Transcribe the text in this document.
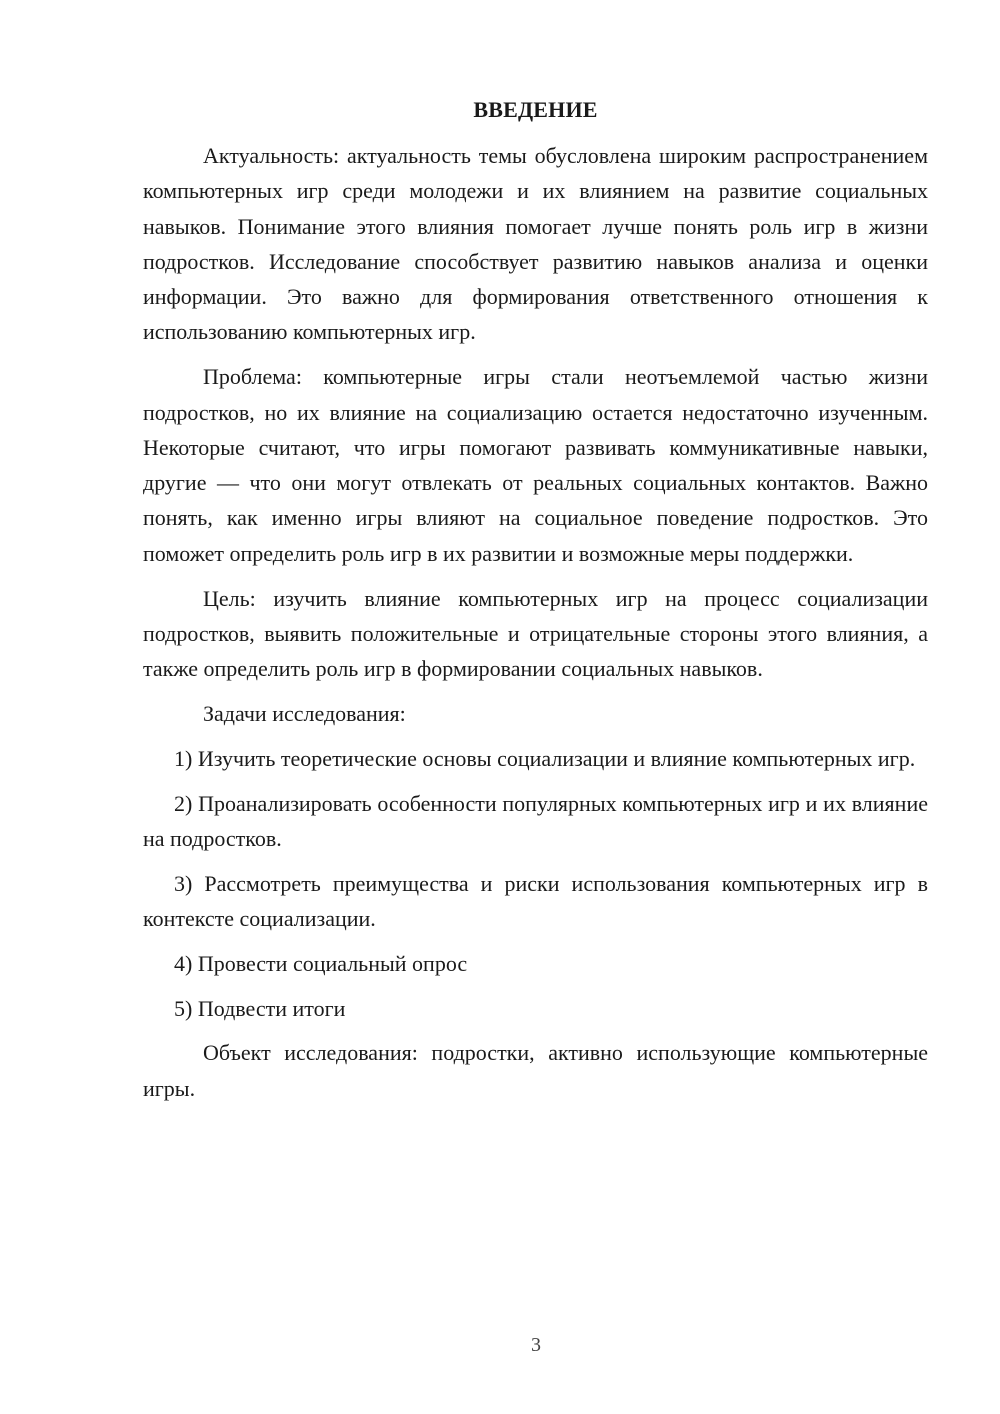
ВВЕДЕНИЕ

Актуальность: актуальность темы обусловлена широким распространением компьютерных игр среди молодежи и их влиянием на развитие социальных навыков. Понимание этого влияния помогает лучше понять роль игр в жизни подростков. Исследование способствует развитию навыков анализа и оценки информации. Это важно для формирования ответственного отношения к использованию компьютерных игр.

Проблема: компьютерные игры стали неотъемлемой частью жизни подростков, но их влияние на социализацию остается недостаточно изученным. Некоторые считают, что игры помогают развивать коммуникативные навыки, другие — что они могут отвлекать от реальных социальных контактов. Важно понять, как именно игры влияют на социальное поведение подростков. Это поможет определить роль игр в их развитии и возможные меры поддержки.

Цель: изучить влияние компьютерных игр на процесс социализации подростков, выявить положительные и отрицательные стороны этого влияния, а также определить роль игр в формировании социальных навыков.

Задачи исследования:

1) Изучить теоретические основы социализации и влияние компьютерных игр.

2) Проанализировать особенности популярных компьютерных игр и их влияние на подростков.

3) Рассмотреть преимущества и риски использования компьютерных игр в контексте социализации.

4) Провести социальный опрос

5) Подвести итоги

Объект исследования: подростки, активно использующие компьютерные игры.

3
